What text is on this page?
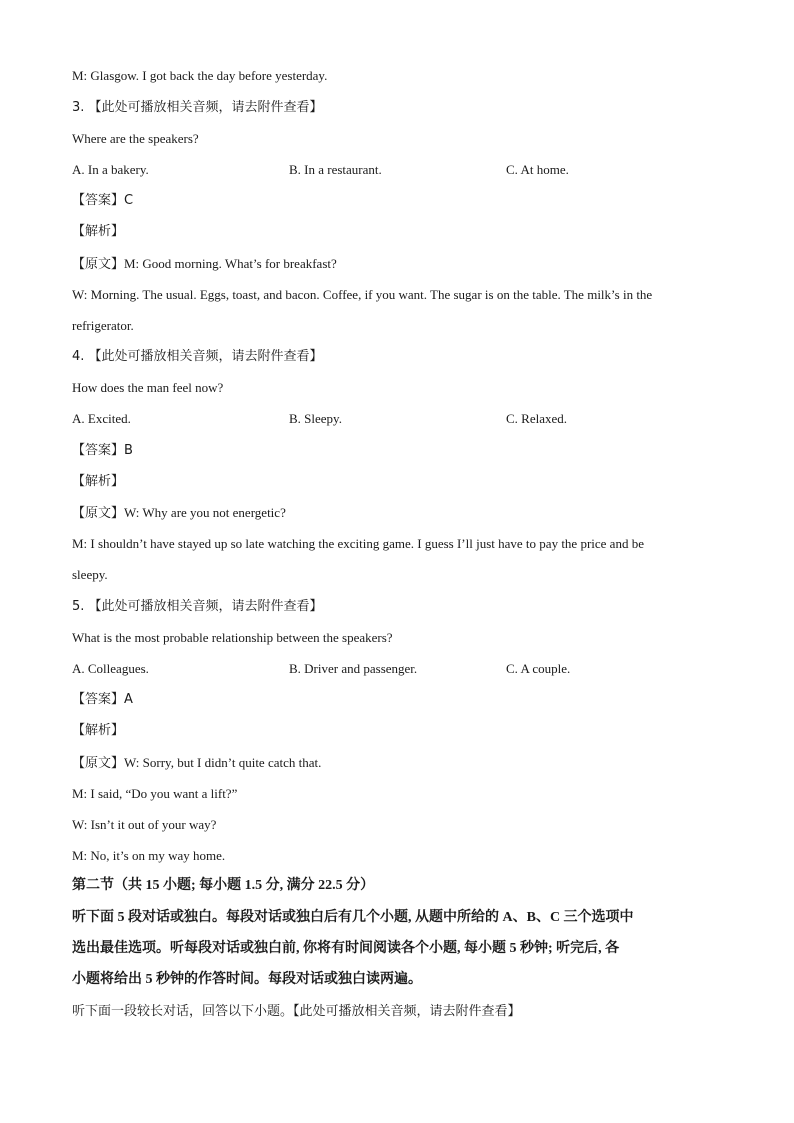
M: Glasgow. I got back the day before yesterday.
3. 【此处可播放相关音频，请去附件查看】
Where are the speakers?
A. In a bakery.	B. In a restaurant.	C. At home.
【答案】C
【解析】
【原文】M: Good morning. What’s for breakfast?
W: Morning. The usual. Eggs, toast, and bacon. Coffee, if you want. The sugar is on the table. The milk’s in the
refrigerator.
4. 【此处可播放相关音频，请去附件查看】
How does the man feel now?
A. Excited.	B. Sleepy.	C. Relaxed.
【答案】B
【解析】
【原文】W: Why are you not energetic?
M: I shouldn’t have stayed up so late watching the exciting game. I guess I’ll just have to pay the price and be
sleepy.
5. 【此处可播放相关音频，请去附件查看】
What is the most probable relationship between the speakers?
A. Colleagues.	B. Driver and passenger.	C. A couple.
【答案】A
【解析】
【原文】W: Sorry, but I didn’t quite catch that.
M: I said, “Do you want a lift?”
W: Isn’t it out of your way?
M: No, it’s on my way home.
第二节（共 15 小题; 每小题 1.5 分, 满分 22.5 分）
听下面 5 段对话或独白。每段对话或独白后有几个小题, 从题中所给的 A、B、C 三个选项中
选出最佳选项。听每段对话或独白前, 你将有时间阅读各个小题, 每小题 5 秒钟; 听完后, 各
小题将给出 5 秒钟的作答时间。每段对话或独白读两遍。
听下面一段较长对话，回答以下小题。【此处可播放相关音频，请去附件查看】
